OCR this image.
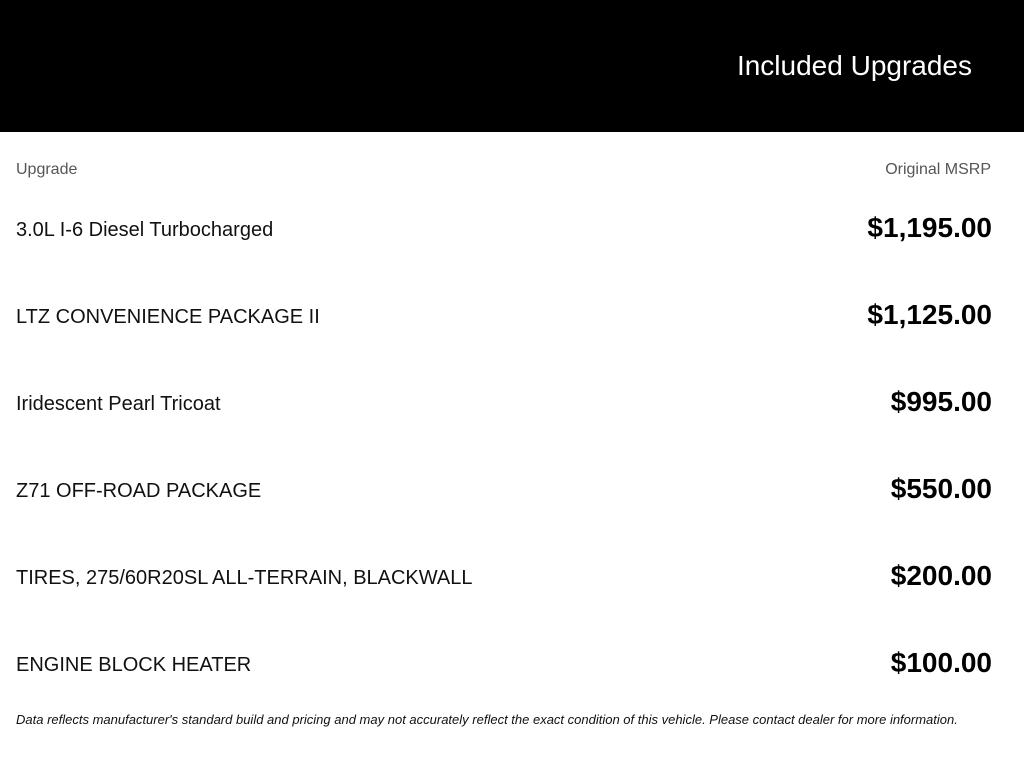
Included Upgrades
Upgrade	Original MSRP
3.0L I-6 Diesel Turbocharged	$1,195.00
LTZ CONVENIENCE PACKAGE II	$1,125.00
Iridescent Pearl Tricoat	$995.00
Z71 OFF-ROAD PACKAGE	$550.00
TIRES, 275/60R20SL ALL-TERRAIN, BLACKWALL	$200.00
ENGINE BLOCK HEATER	$100.00
Data reflects manufacturer's standard build and pricing and may not accurately reflect the exact condition of this vehicle. Please contact dealer for more information.
